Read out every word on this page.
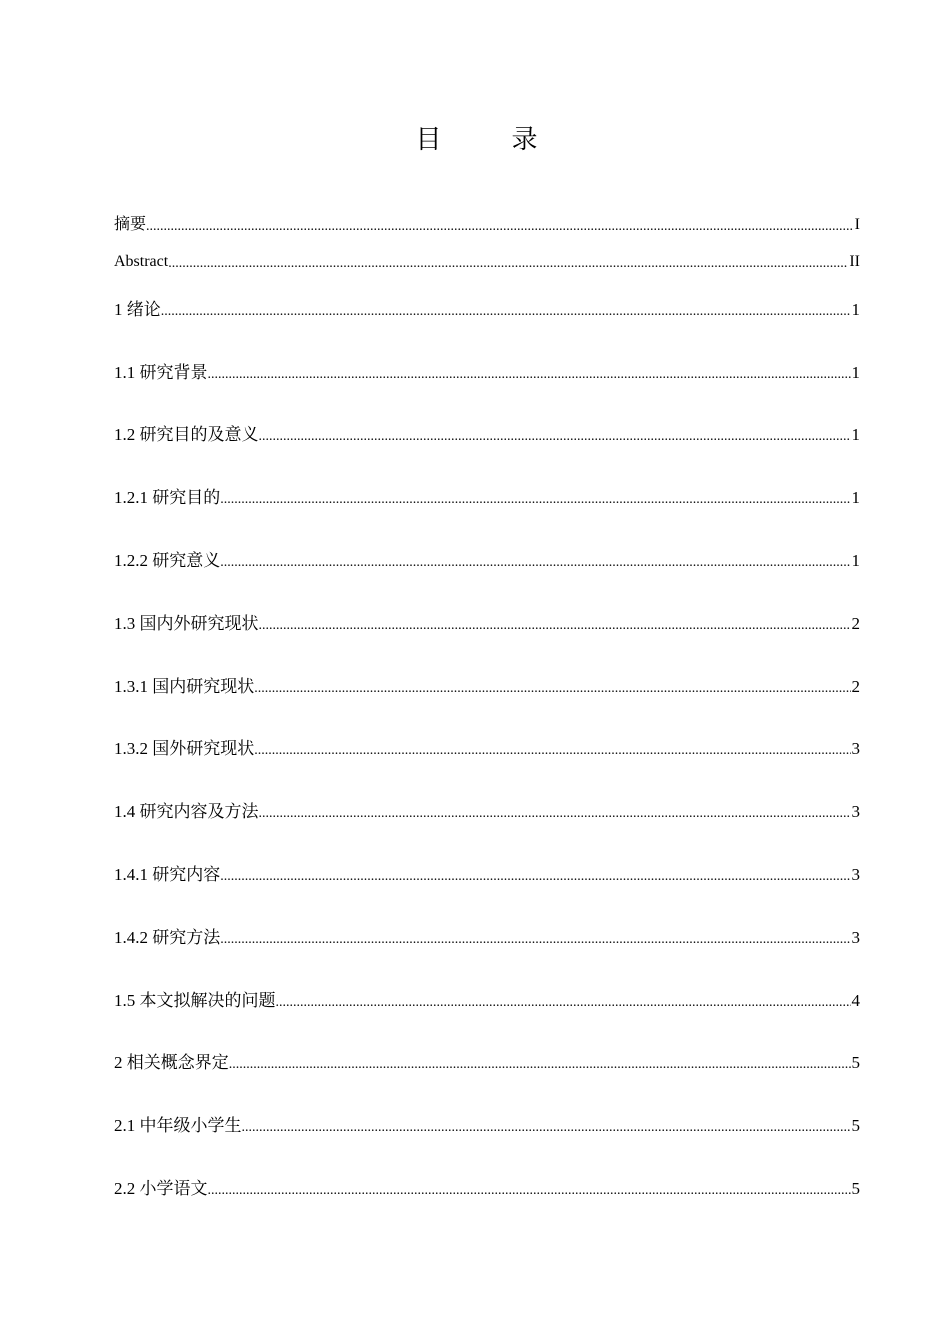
目　录
摘要 .....	I
Abstract .....	II
1 绪论 .....	1
1.1 研究背景 .....	1
1.2 研究目的及意义 .....	1
1.2.1 研究目的 .....	1
1.2.2 研究意义 .....	1
1.3 国内外研究现状 .....	2
1.3.1 国内研究现状 .....	2
1.3.2 国外研究现状 .....	3
1.4 研究内容及方法 .....	3
1.4.1 研究内容 .....	3
1.4.2 研究方法 .....	3
1.5 本文拟解决的问题 .....	4
2 相关概念界定 .....	5
2.1 中年级小学生 .....	5
2.2 小学语文 .....	5
